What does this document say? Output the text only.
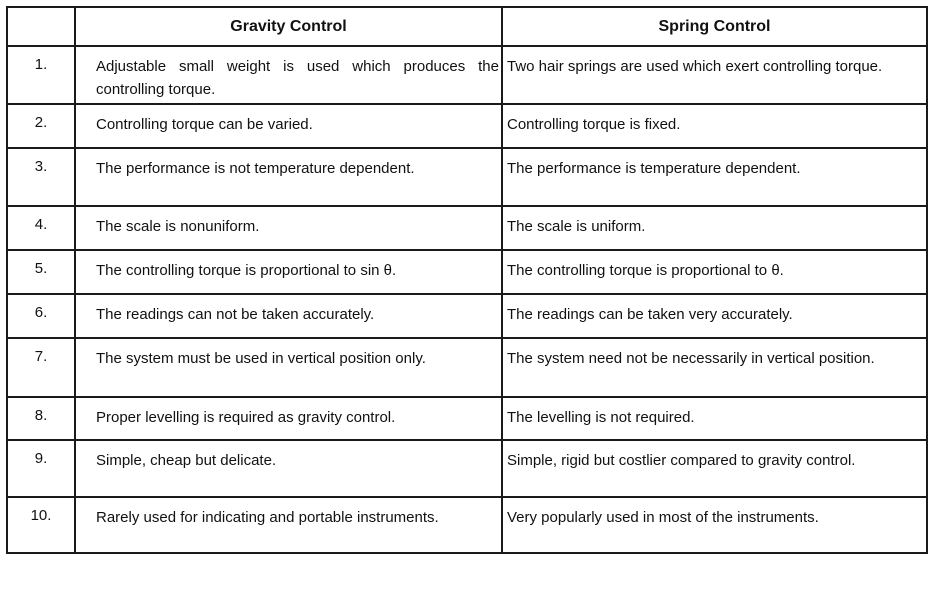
	Gravity Control	Spring Control
1.	Adjustable small weight is used which produces the controlling torque.	Two hair springs are used which exert controlling torque.
2.	Controlling torque can be varied.	Controlling torque is fixed.
3.	The performance is not temperature dependent.	The performance is temperature dependent.
4.	The scale is nonuniform.	The scale is uniform.
5.	The controlling torque is proportional to sin θ.	The controlling torque is proportional to θ.
6.	The readings can not be taken accurately.	The readings can be taken very accurately.
7.	The system must be used in vertical position only.	The system need not be necessarily in vertical position.
8.	Proper levelling is required as gravity control.	The levelling is not required.
9.	Simple, cheap but delicate.	Simple, rigid but costlier compared to gravity control.
10.	Rarely used for indicating and portable instruments.	Very popularly used in most of the instruments.
